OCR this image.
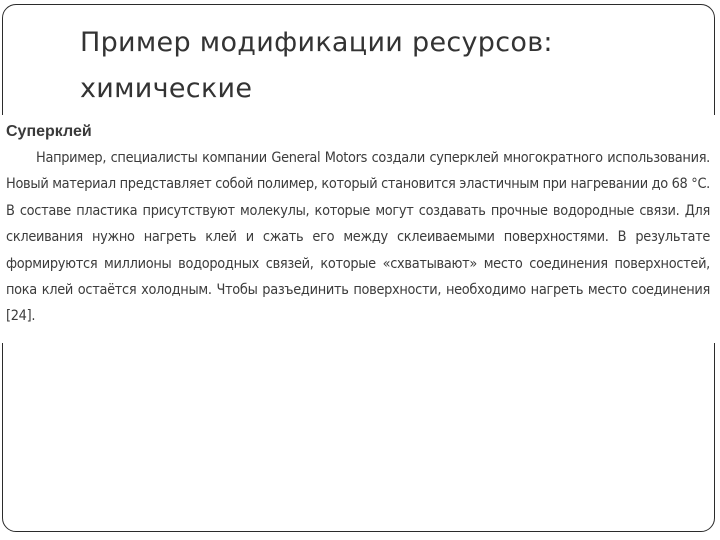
Пример модификации ресурсов: химические
Суперклей

Например, специалисты компании General Motors создали суперклей многократного использования. Новый материал представляет собой полимер, который становится эластичным при нагревании до 68 °С. В составе пластика присутствуют молекулы, которые могут создавать прочные водородные связи. Для склеивания нужно нагреть клей и сжать его между склеиваемыми поверхностями. В результате формируются миллионы водородных связей, которые «схватывают» место соединения поверхностей, пока клей остаётся холодным. Чтобы разъединить поверхности, необходимо нагреть место соединения [24].
